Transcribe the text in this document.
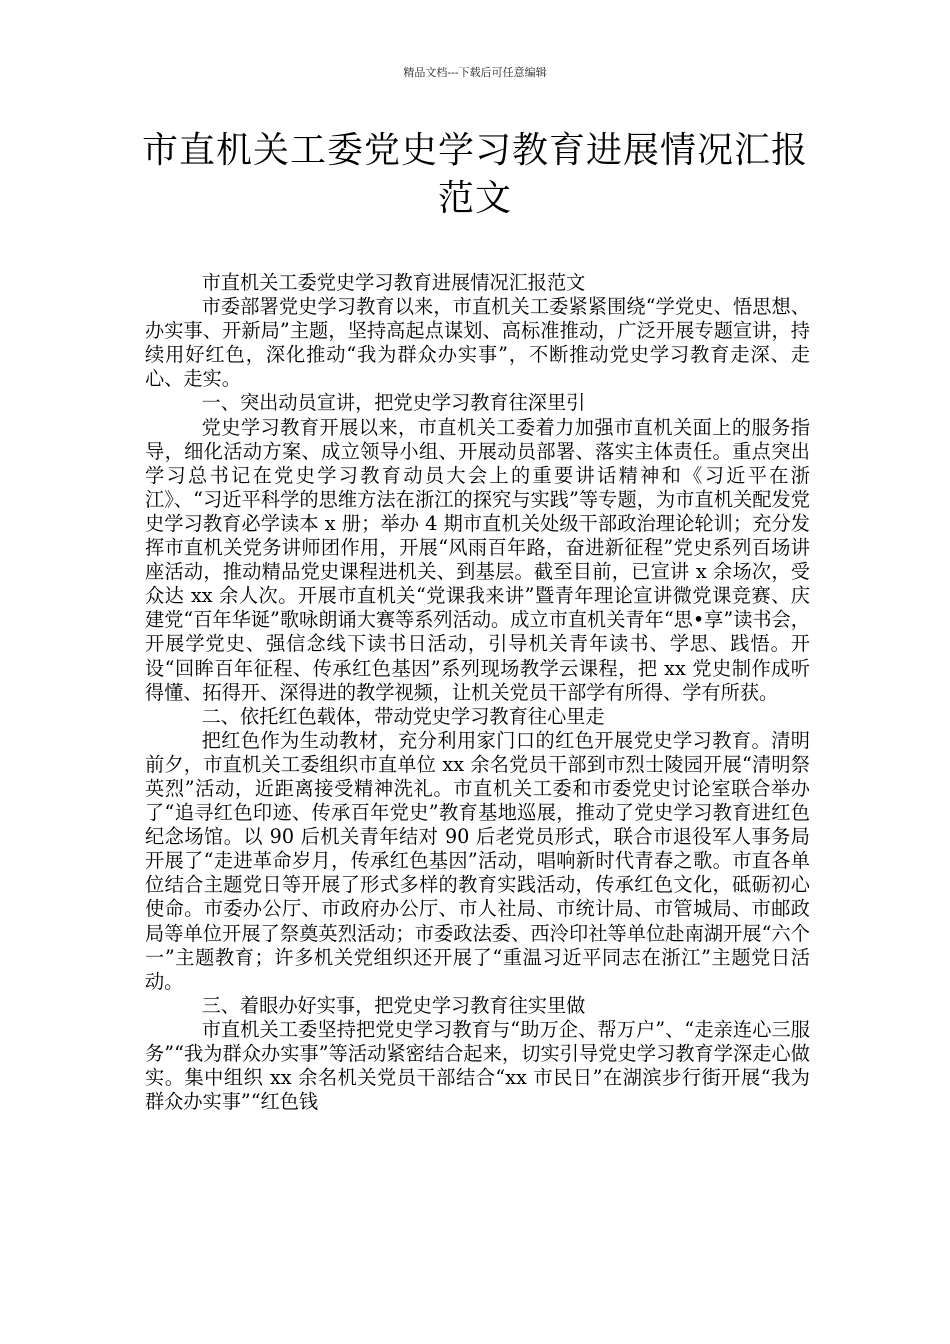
精品文档---下载后可任意编辑
市直机关工委党史学习教育进展情况汇报
范文

市直机关工委党史学习教育进展情况汇报范文

市委部署党史学习教育以来，市直机关工委紧紧围绕“学党史、悟思想、办实事、开新局”主题，坚持高起点谋划、高标准推动，广泛开展专题宣讲，持续用好红色，深化推动“我为群众办实事”，不断推动党史学习教育走深、走心、走实。

一、突出动员宣讲，把党史学习教育往深里引

党史学习教育开展以来，市直机关工委着力加强市直机关面上的服务指导，细化活动方案、成立领导小组、开展动员部署、落实主体责任。重点突出学习总书记在党史学习教育动员大会上的重要讲话精神和《习近平在浙江》、“习近平科学的思维方法在浙江的探究与实践”等专题，为市直机关配发党史学习教育必学读本 x 册；举办 4 期市直机关处级干部政治理论轮训；充分发挥市直机关党务讲师团作用，开展“风雨百年路，奋进新征程”党史系列百场讲座活动，推动精品党史课程进机关、到基层。截至目前，已宣讲 x 余场次，受众达 xx 余人次。开展市直机关“党课我来讲”暨青年理论宣讲微党课竞赛、庆建党“百年华诞”歌咏朗诵大赛等系列活动。成立市直机关青年“思•享”读书会，开展学党史、强信念线下读书日活动，引导机关青年读书、学思、践悟。开设“回眸百年征程、传承红色基因”系列现场教学云课程，把 xx 党史制作成听得懂、拓得开、深得进的教学视频，让机关党员干部学有所得、学有所获。

二、依托红色载体，带动党史学习教育往心里走

把红色作为生动教材，充分利用家门口的红色开展党史学习教育。清明前夕，市直机关工委组织市直单位 xx 余名党员干部到市烈士陵园开展“清明祭英烈”活动，近距离接受精神洗礼。市直机关工委和市委党史讨论室联合举办了“追寻红色印迹、传承百年党史”教育基地巡展，推动了党史学习教育进红色纪念场馆。以 90 后机关青年结对 90 后老党员形式，联合市退役军人事务局开展了“走进革命岁月，传承红色基因”活动，唱响新时代青春之歌。市直各单位结合主题党日等开展了形式多样的教育实践活动，传承红色文化，砥砺初心使命。市委办公厅、市政府办公厅、市人社局、市统计局、市管城局、市邮政局等单位开展了祭奠英烈活动；市委政法委、西泠印社等单位赴南湖开展“六个一”主题教育；许多机关党组织还开展了“重温习近平同志在浙江”主题党日活动。

三、着眼办好实事，把党史学习教育往实里做

市直机关工委坚持把党史学习教育与“助万企、帮万户”、“走亲连心三服务”“我为群众办实事”等活动紧密结合起来，切实引导党史学习教育学深走心做实。集中组织 xx 余名机关党员干部结合“xx 市民日”在湖滨步行街开展“我为群众办实事”“红色钱
